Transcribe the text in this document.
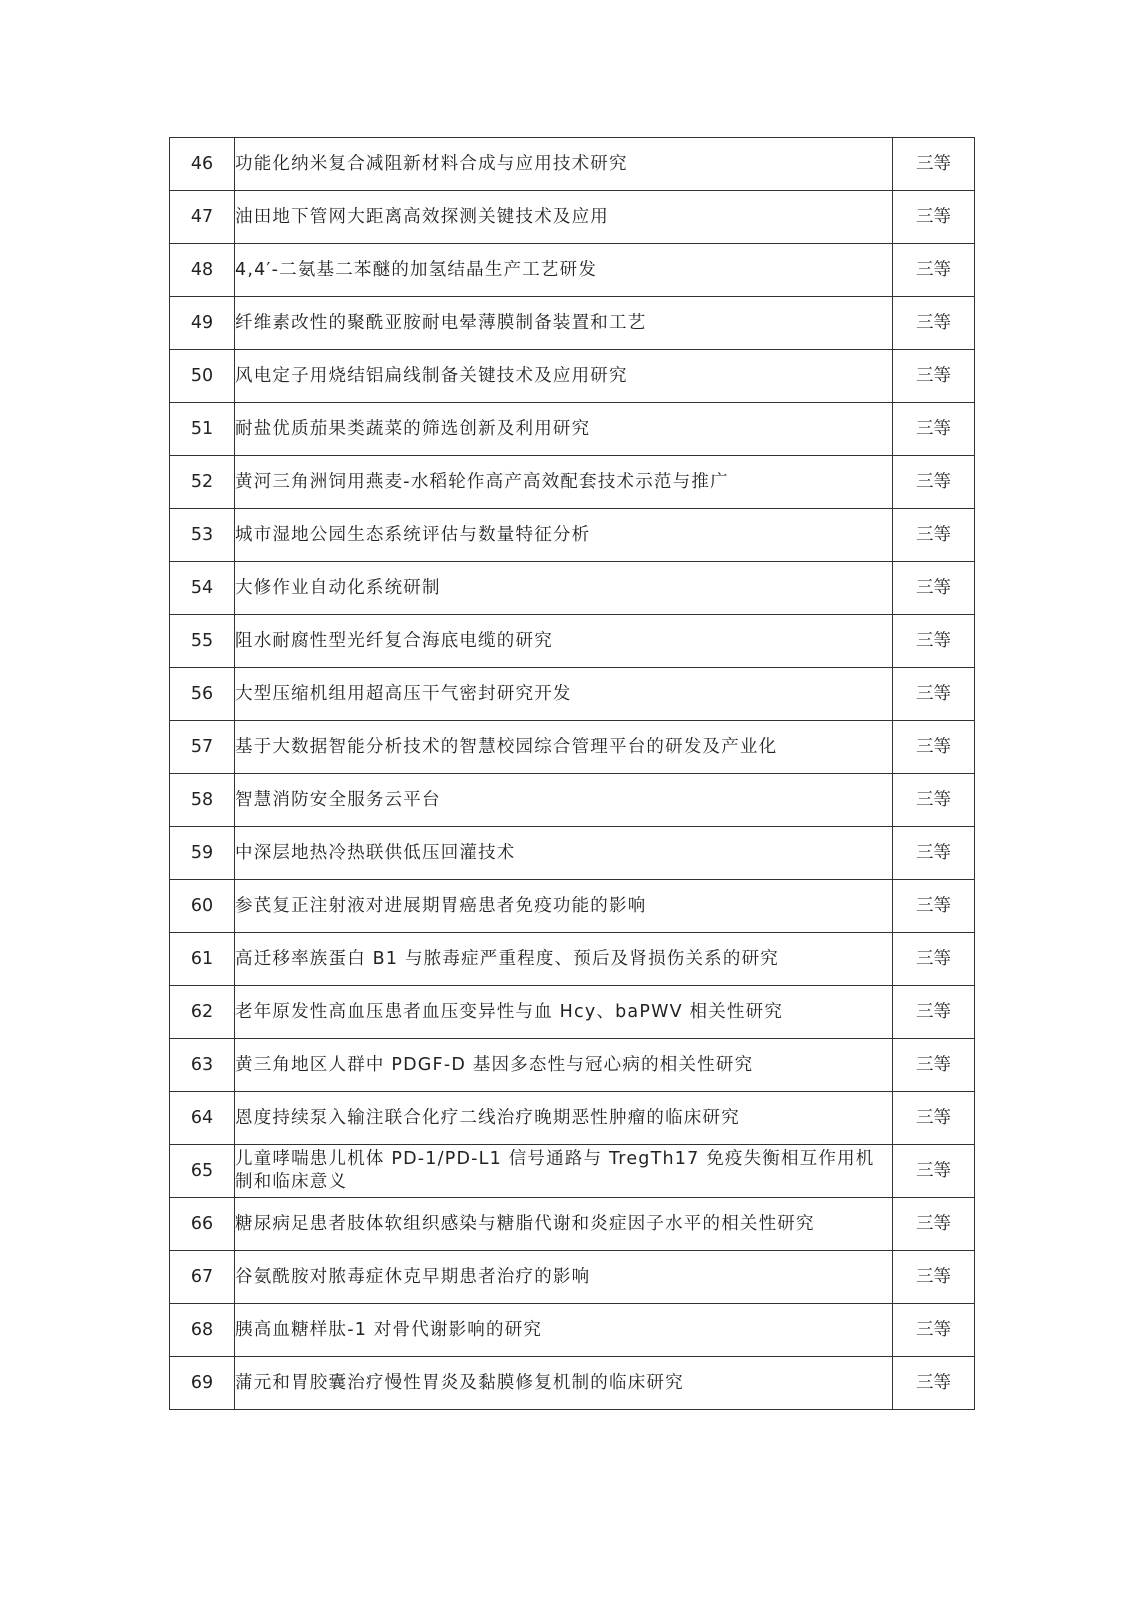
46	功能化纳米复合减阻新材料合成与应用技术研究	三等
47	油田地下管网大距离高效探测关键技术及应用	三等
48	4,4′-二氨基二苯醚的加氢结晶生产工艺研发	三等
49	纤维素改性的聚酰亚胺耐电晕薄膜制备装置和工艺	三等
50	风电定子用烧结铝扁线制备关键技术及应用研究	三等
51	耐盐优质茄果类蔬菜的筛选创新及利用研究	三等
52	黄河三角洲饲用燕麦-水稻轮作高产高效配套技术示范与推广	三等
53	城市湿地公园生态系统评估与数量特征分析	三等
54	大修作业自动化系统研制	三等
55	阻水耐腐性型光纤复合海底电缆的研究	三等
56	大型压缩机组用超高压干气密封研究开发	三等
57	基于大数据智能分析技术的智慧校园综合管理平台的研发及产业化	三等
58	智慧消防安全服务云平台	三等
59	中深层地热冷热联供低压回灌技术	三等
60	参芪复正注射液对进展期胃癌患者免疫功能的影响	三等
61	高迁移率族蛋白 B1 与脓毒症严重程度、预后及肾损伤关系的研究	三等
62	老年原发性高血压患者血压变异性与血 Hcy、baPWV 相关性研究	三等
63	黄三角地区人群中 PDGF-D 基因多态性与冠心病的相关性研究	三等
64	恩度持续泵入输注联合化疗二线治疗晚期恶性肿瘤的临床研究	三等
65	儿童哮喘患儿机体 PD-1/PD-L1 信号通路与 TregTh17 免疫失衡相互作用机制和临床意义	三等
66	糖尿病足患者肢体软组织感染与糖脂代谢和炎症因子水平的相关性研究	三等
67	谷氨酰胺对脓毒症休克早期患者治疗的影响	三等
68	胰高血糖样肽-1 对骨代谢影响的研究	三等
69	蒲元和胃胶囊治疗慢性胃炎及黏膜修复机制的临床研究	三等
